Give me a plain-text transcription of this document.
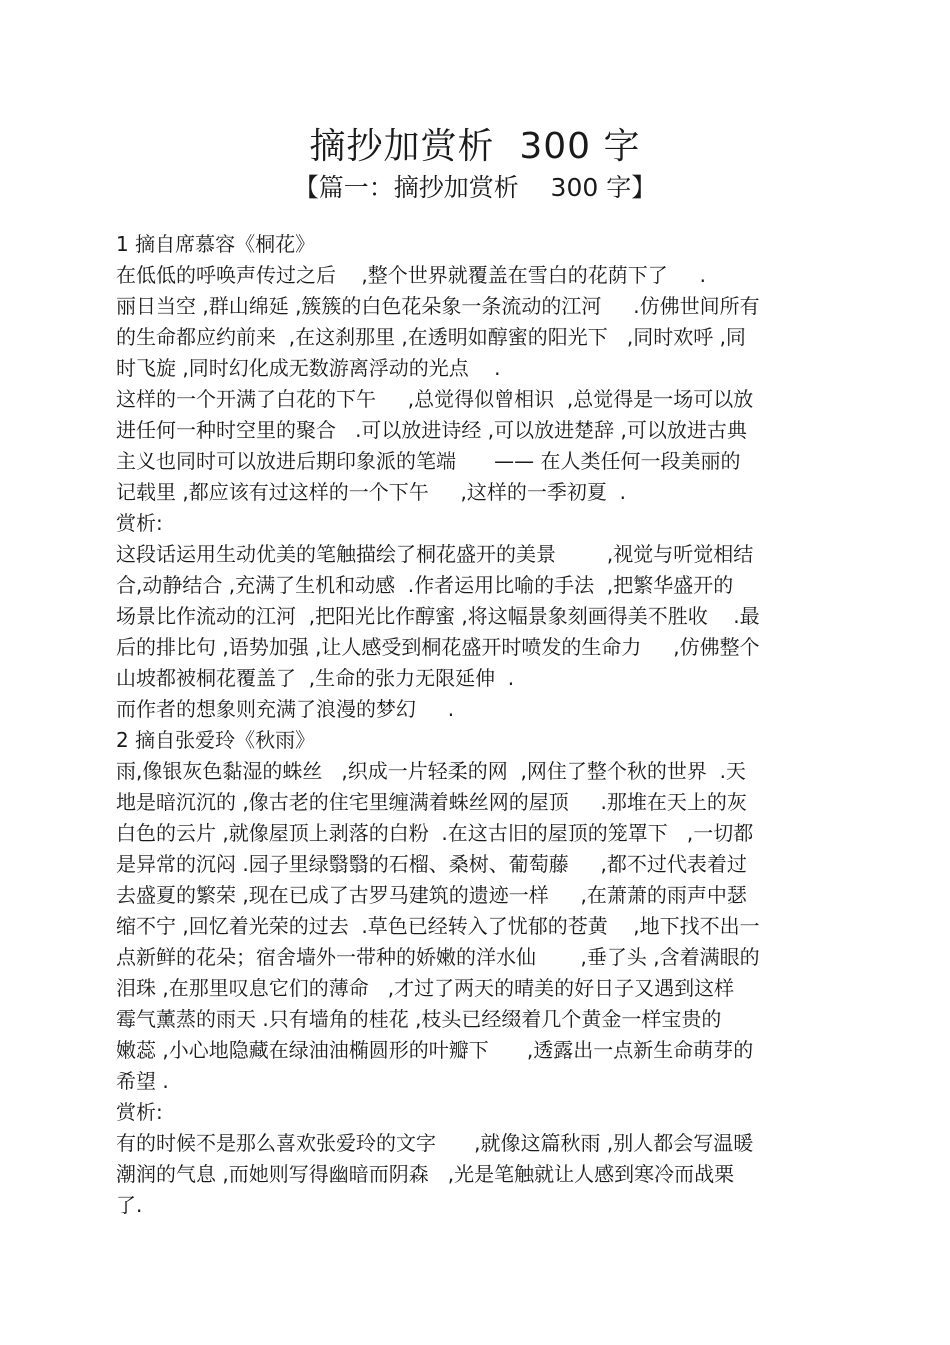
摘抄加赏析  300 字
【篇一：摘抄加赏析    300 字】
1 摘自席慕容《桐花》
在低低的呼唤声传过之后    ,整个世界就覆盖在雪白的花荫下了     .
丽日当空 ,群山绵延 ,簇簇的白色花朵象一条流动的江河     .仿佛世间所有
的生命都应约前来  ,在这刹那里 ,在透明如醇蜜的阳光下   ,同时欢呼 ,同
时飞旋 ,同时幻化成无数游离浮动的光点    .
这样的一个开满了白花的下午     ,总觉得似曾相识  ,总觉得是一场可以放
进任何一种时空里的聚合   .可以放进诗经 ,可以放进楚辞 ,可以放进古典
主义也同时可以放进后期印象派的笔端      —— 在人类任何一段美丽的
记载里 ,都应该有过这样的一个下午     ,这样的一季初夏  .
赏析:
这段话运用生动优美的笔触描绘了桐花盛开的美景        ,视觉与听觉相结
合,动静结合 ,充满了生机和动感  .作者运用比喻的手法  ,把繁华盛开的
场景比作流动的江河  ,把阳光比作醇蜜 ,将这幅景象刻画得美不胜收    .最
后的排比句 ,语势加强 ,让人感受到桐花盛开时喷发的生命力     ,仿佛整个
山坡都被桐花覆盖了  ,生命的张力无限延伸  .
而作者的想象则充满了浪漫的梦幻     .
2 摘自张爱玲《秋雨》
雨,像银灰色黏湿的蛛丝   ,织成一片轻柔的网  ,网住了整个秋的世界  .天
地是暗沉沉的 ,像古老的住宅里缠满着蛛丝网的屋顶     .那堆在天上的灰
白色的云片 ,就像屋顶上剥落的白粉  .在这古旧的屋顶的笼罩下   ,一切都
是异常的沉闷 .园子里绿翳翳的石榴、桑树、葡萄藤     ,都不过代表着过
去盛夏的繁荣 ,现在已成了古罗马建筑的遗迹一样     ,在萧萧的雨声中瑟
缩不宁 ,回忆着光荣的过去  .草色已经转入了忧郁的苍黄    ,地下找不出一
点新鲜的花朵；宿舍墙外一带种的娇嫩的洋水仙       ,垂了头 ,含着满眼的
泪珠 ,在那里叹息它们的薄命   ,才过了两天的晴美的好日子又遇到这样
霉气薰蒸的雨天 .只有墙角的桂花 ,枝头已经缀着几个黄金一样宝贵的
嫩蕊 ,小心地隐藏在绿油油椭圆形的叶瓣下      ,透露出一点新生命萌芽的
希望 .
赏析:
有的时候不是那么喜欢张爱玲的文字      ,就像这篇秋雨 ,别人都会写温暖
潮润的气息 ,而她则写得幽暗而阴森   ,光是笔触就让人感到寒冷而战栗
了.
